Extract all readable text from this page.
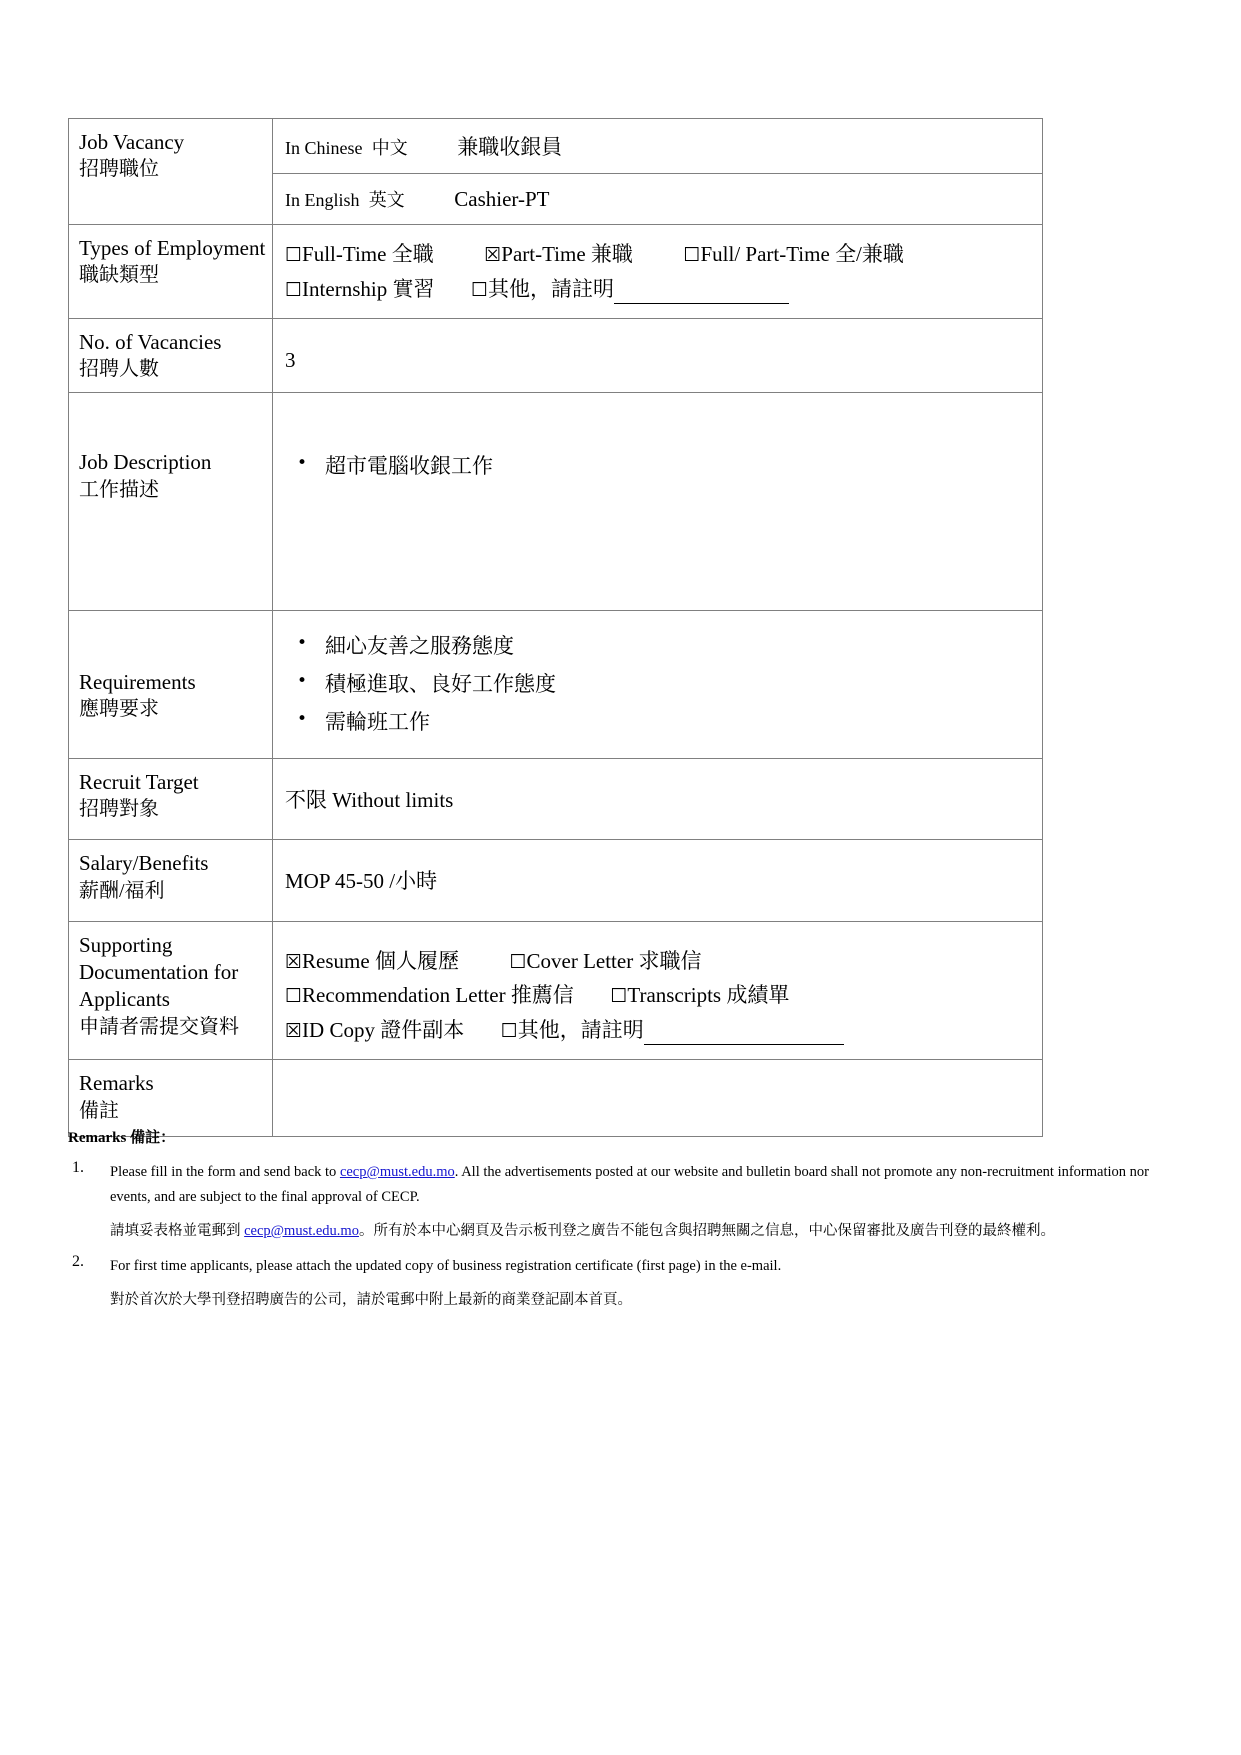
Job Vacancy
招聘職位

In Chinese 中文 兼職收銀員

In English 英文 Cashier-PT

Types of Employment
職缺類型

☐Full-Time 全職	☒Part-Time 兼職	☐Full/ Part-Time 全/兼職
☐Internship 實習 ☐其他，請註明

No. of Vacancies
招聘人數	3

Job Description
工作描述

• 超市電腦收銀工作

Requirements
應聘要求

• 細心友善之服務態度
• 積極進取、良好工作態度
• 需輪班工作

Recruit Target
招聘對象	不限 Without limits

Salary/Benefits
薪酬/福利	MOP 45-50 /小時

Supporting Documentation for Applicants
申請者需提交資料

☒Resume 個人履歷	☐Cover Letter 求職信
☐Recommendation Letter 推薦信 ☐Transcripts 成績單
☒ID Copy 證件副本 ☐其他，請註明

Remarks
備註

Remarks 備註：

Please fill in the form and send back to cecp@must.edu.mo. All the advertisements posted at our website and bulletin board shall not promote any non-recruitment information nor events, and are subject to the final approval of CECP.

請填妥表格並電郵到 cecp@must.edu.mo。所有於本中心網頁及告示板刊登之廣告不能包含與招聘無關之信息，中心保留審批及廣告刊登的最終權利。

For first time applicants, please attach the updated copy of business registration certificate (first page) in the e-mail.

對於首次於大學刊登招聘廣告的公司，請於電郵中附上最新的商業登記副本首頁。
